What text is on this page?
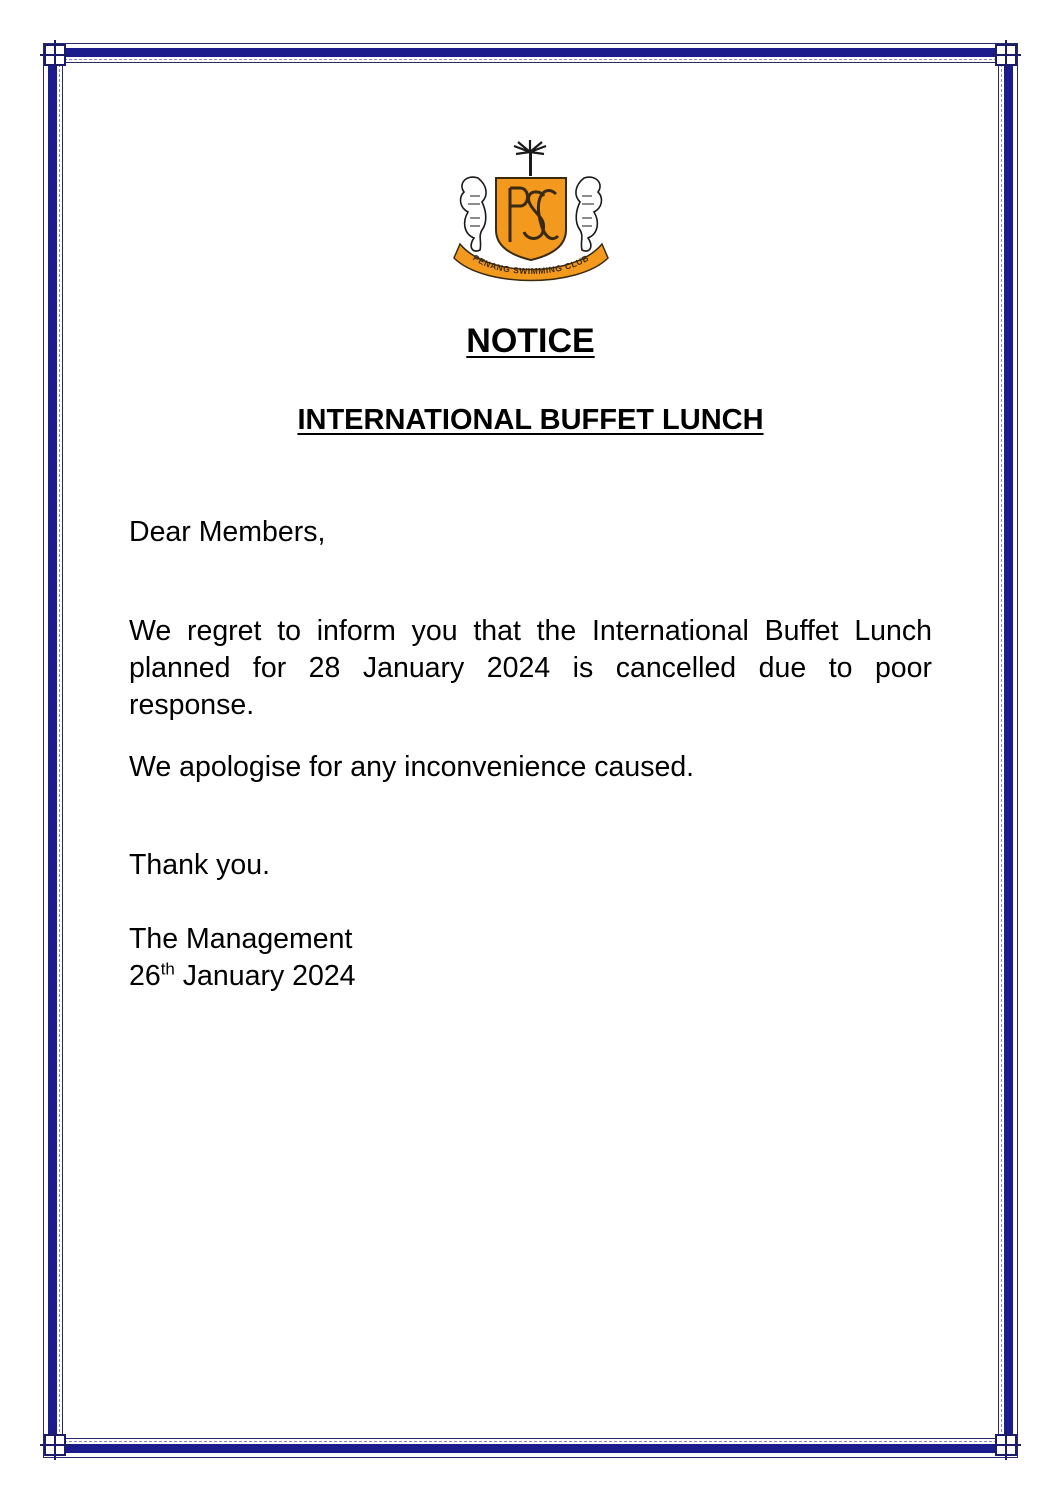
PENANG SWIMMING CLUB
NOTICE
INTERNATIONAL BUFFET LUNCH
Dear Members,
We regret to inform you that the International Buffet Lunch planned for 28 January 2024 is cancelled due to poor response.
We apologise for any inconvenience caused.
Thank you.
The Management
26th January 2024
